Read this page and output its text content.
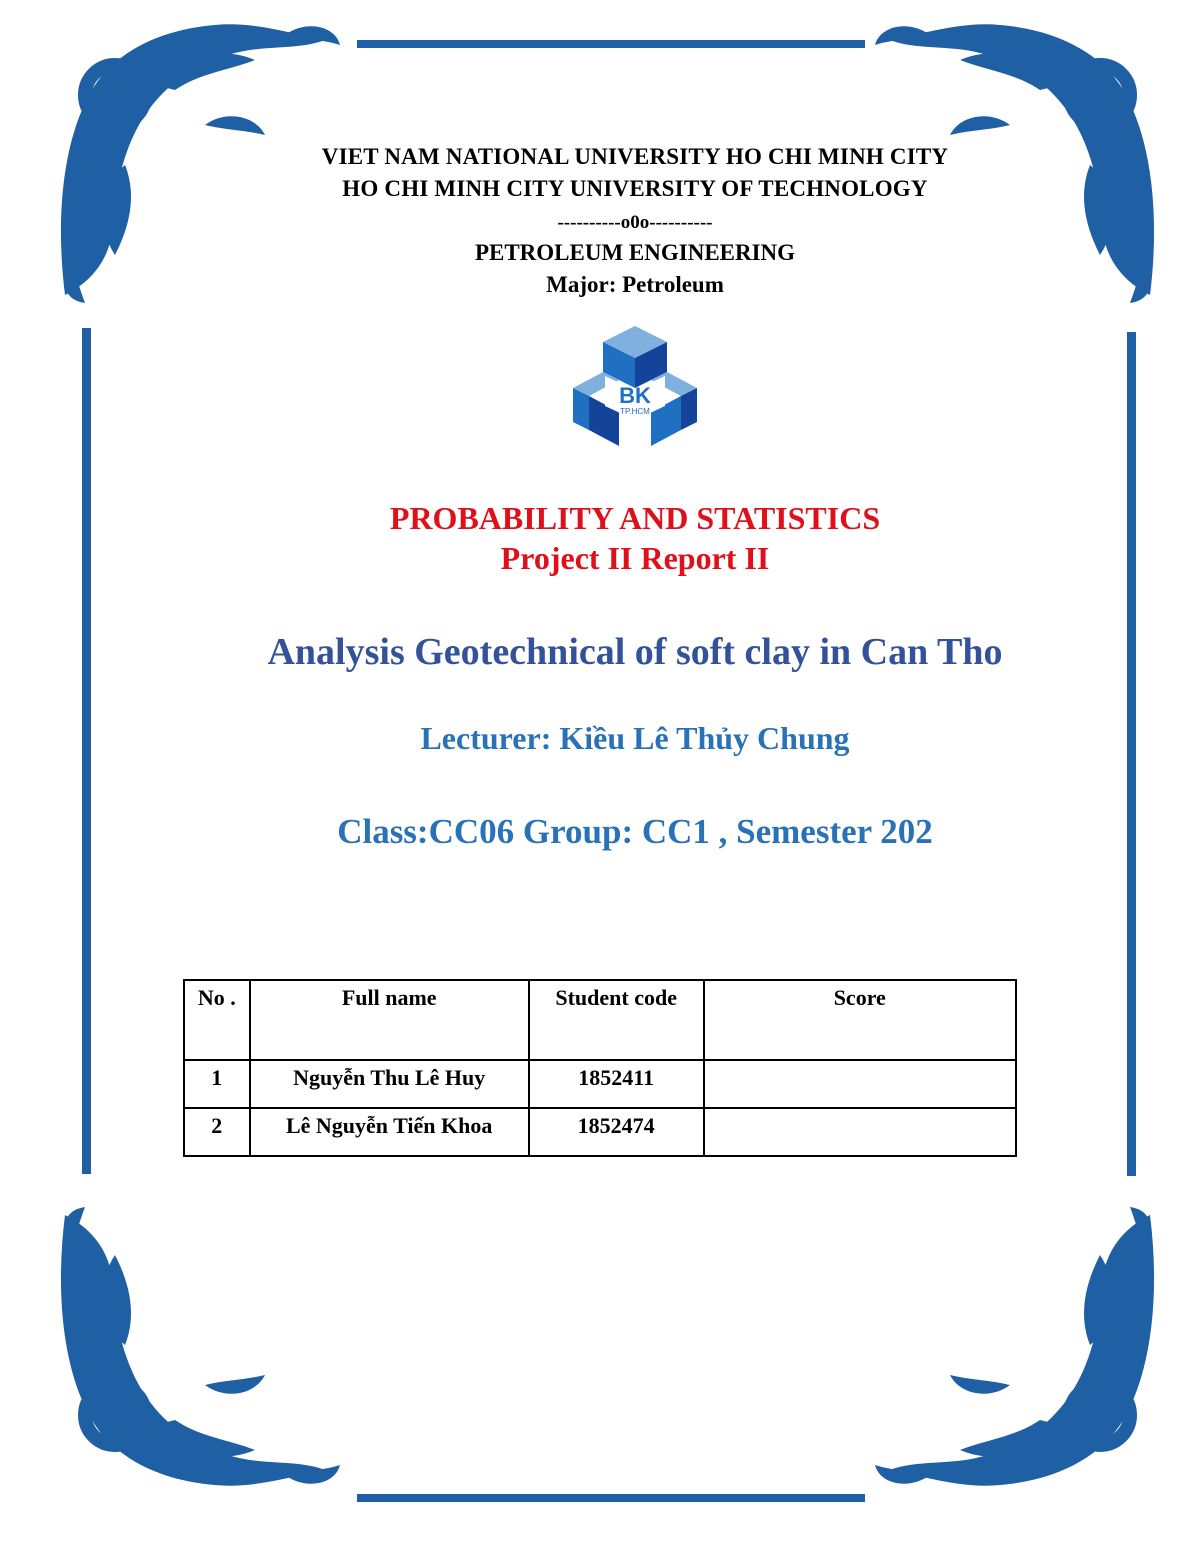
VIET NAM NATIONAL UNIVERSITY HO CHI MINH CITY
HO CHI MINH CITY UNIVERSITY OF TECHNOLOGY
----------o0o----------
PETROLEUM ENGINEERING
Major: Petroleum
BK
TP.HCM
PROBABILITY AND STATISTICS
Project II Report II
Analysis Geotechnical of soft clay in Can Tho
Lecturer: Kiều Lê Thủy Chung
Class:CC06 Group: CC1 , Semester 202
No .	Full name	Student code	Score
1	Nguyễn Thu Lê Huy	1852411	
2	Lê Nguyễn Tiến Khoa	1852474	
